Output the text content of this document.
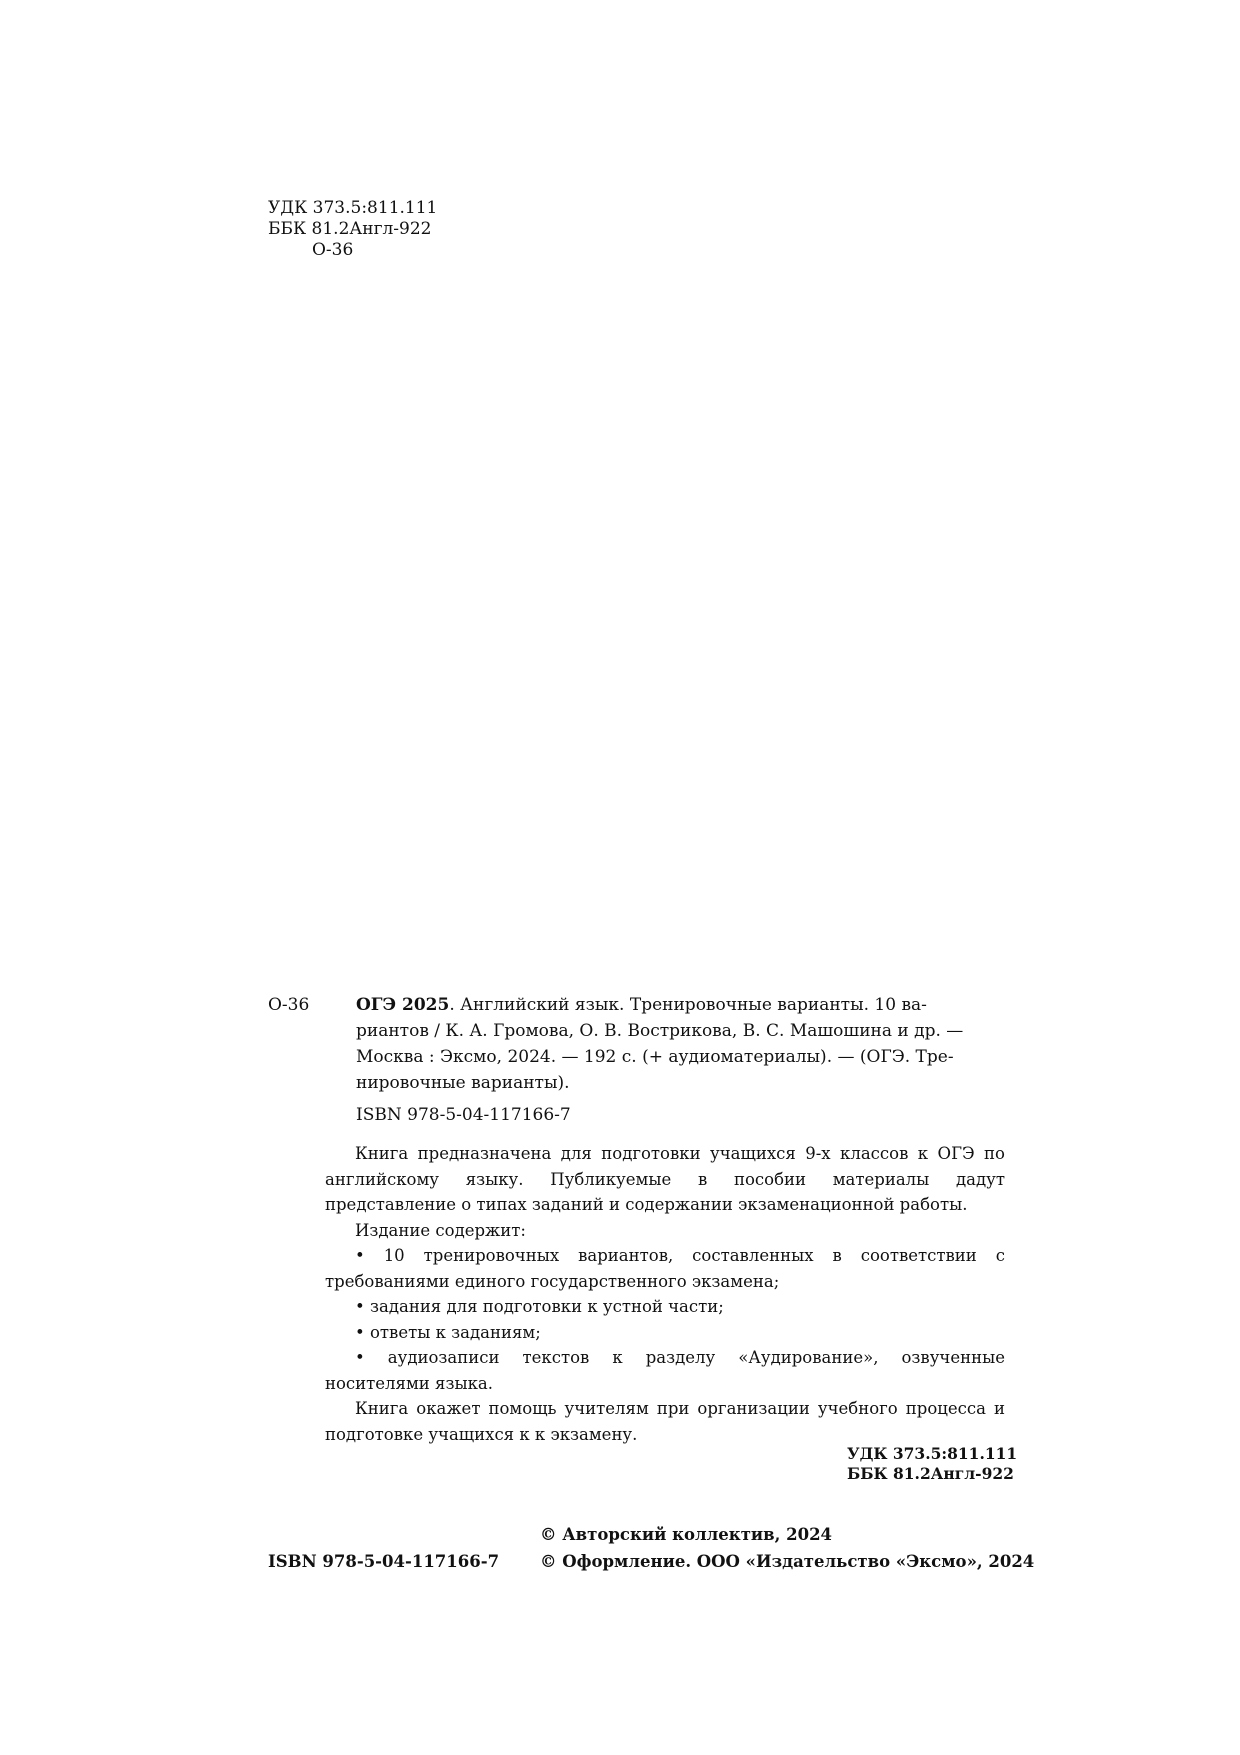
УДК 373.5:811.111
ББК 81.2Англ-922
О-36
О-36	ОГЭ 2025. Английский язык. Тренировочные варианты. 10 ва-
риантов / К. А. Громова, О. В. Вострикова, В. С. Машошина и др. —
Москва : Эксмо, 2024. — 192 с. (+ аудиоматериалы). — (ОГЭ. Тре-
нировочные варианты).
ISBN 978-5-04-117166-7

Книга предназначена для подготовки учащихся 9-х классов к ОГЭ по английскому языку. Публикуемые в пособии материалы дадут представление о типах заданий и содержании экзаменационной работы.

Издание содержит:

• 10 тренировочных вариантов, составленных в соответствии с требованиями единого государственного экзамена;

• задания для подготовки к устной части;

• ответы к заданиям;

• аудиозаписи текстов к разделу «Аудирование», озвученные носителями языка.

Книга окажет помощь учителям при организации учебного процесса и подготовке учащихся к к экзамену.

УДК 373.5:811.111
ББК 81.2Англ-922
© Авторский коллектив, 2024
© Оформление. ООО «Издательство «Эксмо», 2024
ISBN 978-5-04-117166-7
